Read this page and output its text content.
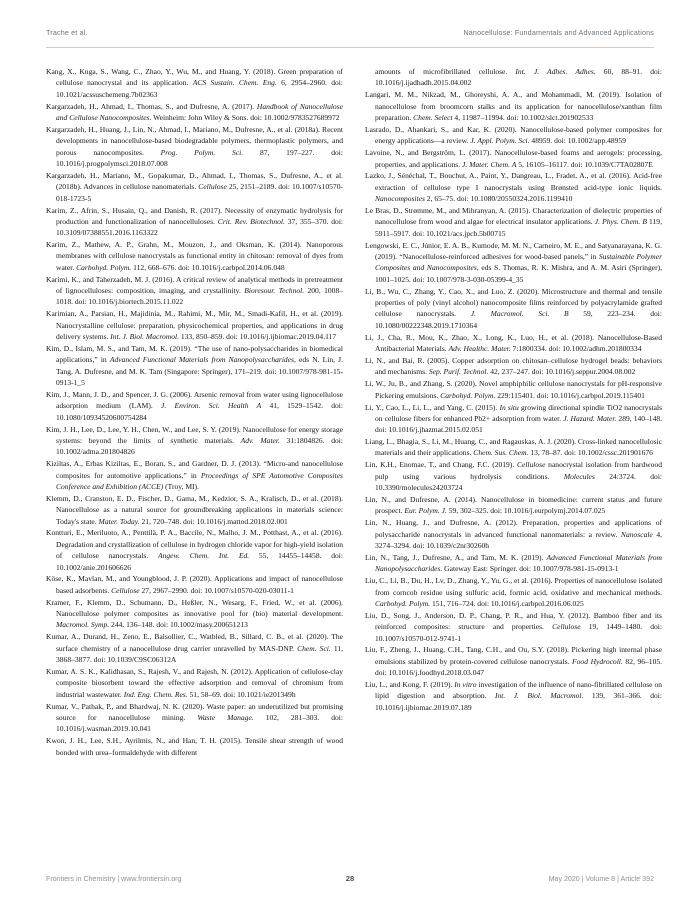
Trache et al.	Nanocellulose: Fundamentals and Advanced Applications

Kang, X., Kuga, S., Wang, C., Zhao, Y., Wu, M., and Huang, Y. (2018). Green preparation of cellulose nanocrystal and its application. ACS Sustain. Chem. Eng. 6, 2954–2960. doi: 10.1021/acssuschemeng.7b02363

Kargarzadeh, H., Ahmad, I., Thomas, S., and Dufresne, A. (2017). Handbook of Nanocellulose and Cellulose Nanocomposites. Weinheim: John Wiley & Sons. doi: 10.1002/9783527689972

Kargarzadeh, H., Huang, J., Lin, N., Ahmad, I., Mariano, M., Dufresne, A., et al. (2018a). Recent developments in nanocellulose-based biodegradable polymers, thermoplastic polymers, and porous nanocomposites. Prog. Polym. Sci. 87, 197–227. doi: 10.1016/j.progpolymsci.2018.07.008

Kargarzadeh, H., Mariano, M., Gopakumar, D., Ahmad, I., Thomas, S., Dufresne, A., et al. (2018b). Advances in cellulose nanomaterials. Cellulose 25, 2151–2189. doi: 10.1007/s10570-018-1723-5

Karim, Z., Afrin, S., Husain, Q., and Danish, R. (2017). Necessity of enzymatic hydrolysis for production and functionalization of nanocelluloses. Crit. Rev. Biotechnol. 37, 355–370. doi: 10.3109/07388551.2016.1163322

Karim, Z., Mathew, A. P., Grahn, M., Mouzon, J., and Oksman, K. (2014). Nanoporous membranes with cellulose nanocrystals as functional entity in chitosan: removal of dyes from water. Carbohyd. Polym. 112, 668–676. doi: 10.1016/j.carbpol.2014.06.048

Karimi, K., and Taherzadeh, M. J. (2016). A critical review of analytical methods in pretreatment of lignocelluloses: composition, imaging, and crystallinity. Bioresour. Technol. 200, 1008–1018. doi: 10.1016/j.biortech.2015.11.022

Karimian, A., Parsian, H., Majidinia, M., Rahimi, M., Mir, M., Smadi-Kafil, H., et al. (2019). Nanocrystalline cellulose: preparation, physicochemical properties, and applications in drug delivery systems. Int. J. Biol. Macromol. 133, 850–859. doi: 10.1016/j.ijbiomac.2019.04.117

Kim, D., Islam, M. S., and Tam, M. K. (2019). “The use of nano-polysaccharides in biomedical applications,” in Advanced Functional Materials from Nanopolysaccharides, eds N. Lin, J. Tang, A. Dufresne, and M. K. Tam (Singapore: Springer), 171–219. doi: 10.1007/978-981-15-0913-1_5

Kim, J., Mann, J. D., and Spencer, J. G. (2006). Arsenic removal from water using lignocellulose adsorption medium (LAM). J. Environ. Sci. Health A 41, 1529–1542. doi: 10.1080/10934520600754284

Kim, J. H., Lee, D., Lee, Y. H., Chen, W., and Lee, S. Y. (2019). Nanocellulose for energy storage systems: beyond the limits of synthetic materials. Adv. Mater. 31:1804826. doi: 10.1002/adma.201804826

Kiziltas, A., Erbas Kiziltas, E., Boran, S., and Gardner, D. J. (2013). “Micro-and nanocellulose composites for automotive applications,” in Proceedings of SPE Automotive Composites Conference and Exhibition (ACCE) (Troy, MI).

Klemm, D., Cranston, E. D., Fischer, D., Gama, M., Kedzior, S. A., Kralisch, D., et al. (2018). Nanocellulose as a natural source for groundbreaking applications in materials science: Today's state. Mater. Today. 21, 720–748. doi: 10.1016/j.mattod.2018.02.001

Kontturi, E., Meriluoto, A., Penttilä, P. A., Baccile, N., Malho, J. M., Potthast, A., et al. (2016). Degradation and crystallization of cellulose in hydrogen chloride vapor for high-yield isolation of cellulose nanocrystals. Angew. Chem. Int. Ed. 55, 14455–14458. doi: 10.1002/anie.201606626

Köse, K., Mavlan, M., and Youngblood, J. P. (2020). Applications and impact of nanocellulose based adsorbents. Cellulose 27, 2967–2990. doi: 10.1007/s10570-020-03011-1

Kramer, F., Klemm, D., Schumann, D., Heßler, N., Wesarg, F., Fried, W., et al. (2006). Nanocellulose polymer composites as innovative pool for (bio) material development. Macromol. Symp. 244, 136–148. doi: 10.1002/masy.200651213

Kumar, A., Durand, H., Zeno, E., Balsollier, C., Watbled, B., Sillard, C. B., et al. (2020). The surface chemistry of a nanocellulose drug carrier unravelled by MAS-DNP. Chem. Sci. 11, 3868–3877. doi: 10.1039/C9SC06312A

Kumar, A. S. K., Kalidhasan, S., Rajesh, V., and Rajesh, N. (2012). Application of cellulose-clay composite biosorbent toward the effective adsorption and removal of chromium from industrial wastewater. Ind. Eng. Chem. Res. 51, 58–69. doi: 10.1021/ie201349h

Kumar, V., Pathak, P., and Bhardwaj, N. K. (2020). Waste paper: an underutilized but promising source for nanocellulose mining. Waste Manage. 102, 281–303. doi: 10.1016/j.wasman.2019.10.041

Kwon, J. H., Lee, S.H., Ayrilmis, N., and Han, T. H. (2015). Tensile shear strength of wood bonded with urea–formaldehyde with different

amounts of microfibrillated cellulose. Int. J. Adhes. Adhes. 60, 88–91. doi: 10.1016/j.ijadhadh.2015.04.002

Langari, M. M., Nikzad, M., Ghoreyshi, A. A., and Mohammadi, M. (2019). Isolation of nanocellulose from broomcorn stalks and its application for nanocellulose/xanthan film preparation. Chem. Select 4, 11987–11994. doi: 10.1002/slct.201902533

Lasrado, D., Ahankari, S., and Kar, K. (2020). Nanocellulose-based polymer composites for energy applications—a review. J. Appl. Polym. Sci. 48959. doi: 10.1002/app.48959

Lavoine, N., and Bergström, L. (2017). Nanocellulose-based foams and aerogels: processing, properties, and applications. J. Mater. Chem. A 5, 16105–16117. doi: 10.1039/C7TA02807E

Lazko, J., Sénéchal, T., Bouchut, A., Paint, Y., Dangreau, L., Fradet, A., et al. (2016). Acid-free extraction of cellulose type I nanocrystals using Brønsted acid-type ionic liquids. Nanocomposites 2, 65–75. doi: 10.1080/20550324.2016.1199410

Le Bras, D., Strømme, M., and Mihranyan, A. (2015). Characterization of dielectric properties of nanocellulose from wood and algae for electrical insulator applications. J. Phys. Chem. B 119, 5911–5917. doi: 10.1021/acs.jpcb.5b00715

Lengowski, E. C., Júnior, E. A. B., Kumode, M. M. N., Carneiro, M. E., and Satyanarayana, K. G. (2019). “Nanocellulose-reinforced adhesives for wood-based panels,” in Sustainable Polymer Composites and Nanocomposites, eds S. Thomas, R. K. Mishra, and A. M. Asiri (Springer), 1001–1025. doi: 10.1007/978-3-030-05399-4_35

Li, B., Wu, C., Zhang, Y., Cao, X., and Luo, Z. (2020). Microstructure and thermal and tensile properties of poly (vinyl alcohol) nanocomposite films reinforced by polyacrylamide grafted cellulose nanocrystals. J. Macromol. Sci. B 59, 223–234. doi: 10.1080/00222348.2019.1710364

Li, J., Cha, R., Mou, K., Zhao, X., Long, K., Luo, H., et al. (2018). Nanocellulose-Based Antibacterial Materials. Adv. Healthc. Mater. 7:1800334. doi: 10.1002/adhm.201800334

Li, N., and Bai, R. (2005). Copper adsorption on chitosan–cellulose hydrogel beads: behaviors and mechanisms. Sep. Purif. Technol. 42, 237–247. doi: 10.1016/j.seppur.2004.08.002

Li, W., Ju, B., and Zhang, S. (2020). Novel amphiphilic cellulose nanocrystals for pH-responsive Pickering emulsions. Carbohyd. Polym. 229:115401. doi: 10.1016/j.carbpol.2019.115401

Li, Y., Cao, L., Li, L., and Yang, C. (2015). In situ growing directional spindle TiO2 nanocrystals on cellulose fibers for enhanced Pb2+ adsorption from water. J. Hazard. Mater. 289, 140–148. doi: 10.1016/j.jhazmat.2015.02.051

Liang, L., Bhagia, S., Li, M., Huang, C., and Ragauskas, A. J. (2020). Cross-linked nanocellulosic materials and their applications. Chem. Sus. Chem. 13, 78–87. doi: 10.1002/cssc.201901676

Lin, K.H., Enomae, T., and Chang, F.C. (2019). Cellulose nanocrystal isolation from hardwood pulp using various hydrolysis conditions. Molecules 24:3724. doi: 10.3390/molecules24203724

Lin, N., and Dufresne, A. (2014). Nanocellulose in biomedicine: current status and future prospect. Eur. Polym. J. 59, 302–325. doi: 10.1016/j.eurpolymj.2014.07.025

Lin, N., Huang, J., and Dufresne, A. (2012). Preparation, properties and applications of polysaccharide nanocrystals in advanced functional nanomaterials: a review. Nanoscale 4, 3274–3294. doi: 10.1039/c2nr30260h

Lin, N., Tang, J., Dufresne, A., and Tam, M. K. (2019). Advanced Functional Materials from Nanopolysaccharides. Gateway East: Springer. doi: 10.1007/978-981-15-0913-1

Liu, C., Li, B., Du, H., Lv, D., Zhang, Y., Yu, G., et al. (2016). Properties of nanocellulose isolated from corncob residue using sulfuric acid, formic acid, oxidative and mechanical methods. Carbohyd. Polym. 151, 716–724. doi: 10.1016/j.carbpol.2016.06.025

Liu, D., Song, J., Anderson, D. P., Chang, P. R., and Hua, Y. (2012). Bamboo fiber and its reinforced composites: structure and properties. Cellulose 19, 1449–1480. doi: 10.1007/s10570-012-9741-1

Liu, F., Zheng, J., Huang, C.H., Tang, C.H., and Ou, S.Y. (2018). Pickering high internal phase emulsions stabilized by protein-covered cellulose nanocrystals. Food Hydrocoll. 82, 96–105. doi: 10.1016/j.foodhyd.2018.03.047

Liu, L., and Kong, F. (2019). In vitro investigation of the influence of nano-fibrillated cellulose on lipid digestion and absorption. Int. J. Biol. Macromol. 139, 361–366. doi: 10.1016/j.ijbiomac.2019.07.189

Frontiers in Chemistry | www.frontiersin.org	28	May 2020 | Volume 8 | Article 392
